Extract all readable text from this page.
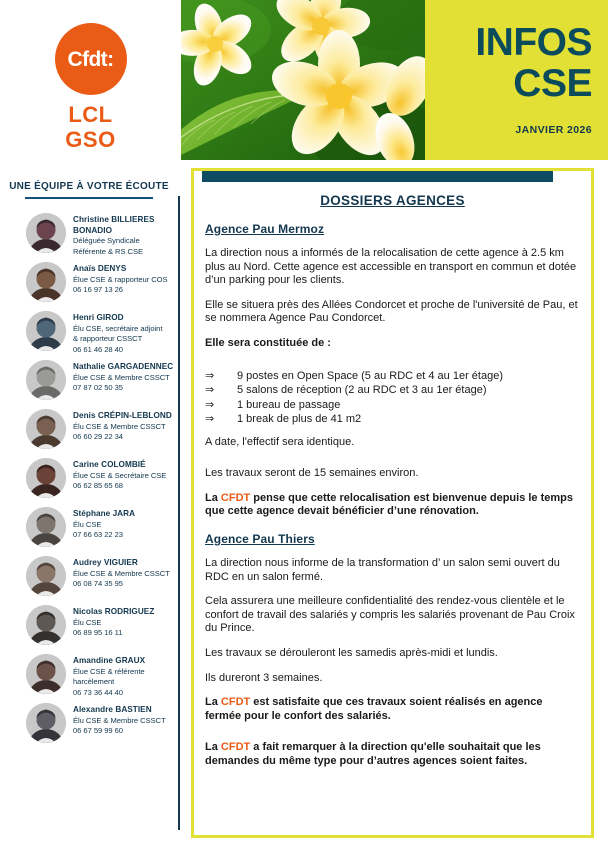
Cfdt:
LCL
GSO
INFOS
CSE
JANVIER 2026
UNE ÉQUIPE À VOTRE ÉCOUTE
Christine BILLIERES BONADIO
Déléguée Syndicale
Référente & RS CSE
Anaïs DENYS
Élue CSE & rapporteur COS
06 16 97 13 26
Henri GIROD
Élu CSE, secrétaire adjoint
& rapporteur CSSCT
06 61 46 28 40
Nathalie GARGADENNEC
Élue CSE & Membre CSSCT
07 87 02 50 35
Denis CRÉPIN-LEBLOND
Élu CSE & Membre CSSCT
06 60 29 22 34
Carine COLOMBIÉ
Élue CSE & Secrétaire CSE
06 62 85 65 68
Stéphane JARA
Élu CSE
07 66 63 22 23
Audrey VIGUIER
Élue CSE & Membre CSSCT
06 08 74 35 95
Nicolas RODRIGUEZ
Élu CSE
06 89 95 16 11
Amandine GRAUX
Élue CSE & référente
harcèlement
06 73 36 44 40
Alexandre BASTIEN
Élu CSE & Membre CSSCT
06 67 59 99 60
DOSSIERS AGENCES
Agence Pau Mermoz

La direction nous a informés de la relocalisation de cette agence à 2.5 km plus au Nord. Cette agence est accessible en transport en commun et dotée d’un parking pour les clients.

Elle se situera près des Allées Condorcet et proche de l'université de Pau, et se nommera Agence Pau Condorcet.

Elle sera constituée de :

⇒	9 postes en Open Space (5 au RDC et 4 au 1er étage)
⇒	5 salons de réception (2 au RDC et 3 au 1er étage)
⇒	1 bureau de passage
⇒	1 break de plus de 41 m2

A date, l'effectif sera identique.

Les travaux seront de 15 semaines environ.

La CFDT pense que cette relocalisation est bienvenue depuis le temps que cette agence devait bénéficier d’une rénovation.

Agence Pau Thiers

La direction nous informe de la transformation d’ un salon semi ouvert du RDC en un salon fermé.

Cela assurera une meilleure confidentialité des rendez-vous clientèle et le confort de travail des salariés y compris les salariés provenant de Pau Croix du Prince.

Les travaux se dérouleront les samedis après-midi et lundis.

Ils dureront 3 semaines.

La CFDT est satisfaite que ces travaux soient réalisés en agence fermée pour le confort des salariés.

La CFDT a fait remarquer à la direction qu'elle souhaitait que les demandes du même type pour d’autres agences soient faites.
